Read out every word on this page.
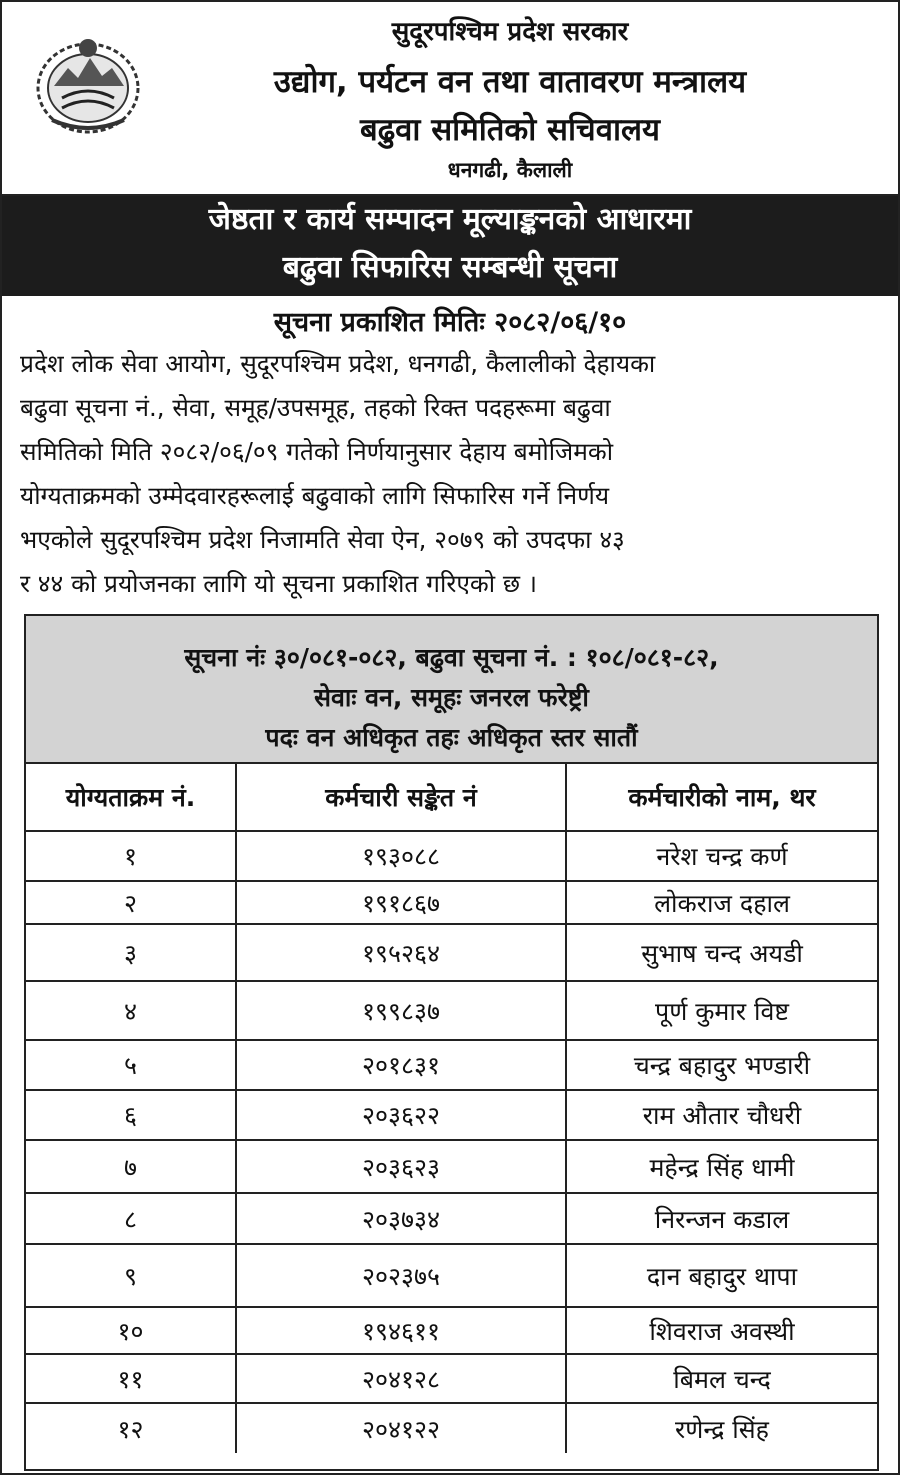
सुदूरपश्चिम प्रदेश सरकार
उद्योग, पर्यटन वन तथा वातावरण मन्त्रालय
बढुवा समितिको सचिवालय
धनगढी, कैलाली
जेष्ठता र कार्य सम्पादन मूल्याङ्कनको आधारमा
बढुवा सिफारिस सम्बन्धी सूचना
सूचना प्रकाशित मितिः २०८२/०६/१०
प्रदेश लोक सेवा आयोग, सुदूरपश्चिम प्रदेश, धनगढी, कैलालीको देहायका
बढुवा सूचना नं., सेवा, समूह/उपसमूह, तहको रिक्त पदहरूमा बढुवा
समितिको मिति २०८२/०६/०९ गतेको निर्णयानुसार देहाय बमोजिमको
योग्यताक्रमको उम्मेदवारहरूलाई बढुवाको लागि सिफारिस गर्ने निर्णय
भएकोले सुदूरपश्चिम प्रदेश निजामति सेवा ऐन, २०७९ को उपदफा ४३
र ४४ को प्रयोजनका लागि यो सूचना प्रकाशित गरिएको छ ।
सूचना नंः ३०/०८१-०८२, बढुवा सूचना नं. : १०८/०८१-८२,
सेवाः वन, समूहः जनरल फरेष्ट्री
पदः वन अधिकृत तहः अधिकृत स्तर सातौं
योग्यताक्रम नं.	कर्मचारी सङ्केत नं	कर्मचारीको नाम, थर
१	१९३०८८	नरेश चन्द्र कर्ण
२	१९१८६७	लोकराज दहाल
३	१९५२६४	सुभाष चन्द अयडी
४	१९९८३७	पूर्ण कुमार विष्ट
५	२०१८३१	चन्द्र बहादुर भण्डारी
६	२०३६२२	राम औतार चौधरी
७	२०३६२३	महेन्द्र सिंह धामी
८	२०३७३४	निरन्जन कडाल
९	२०२३७५	दान बहादुर थापा
१०	१९४६११	शिवराज अवस्थी
११	२०४१२८	बिमल चन्द
१२	२०४१२२	रणेन्द्र सिंह
